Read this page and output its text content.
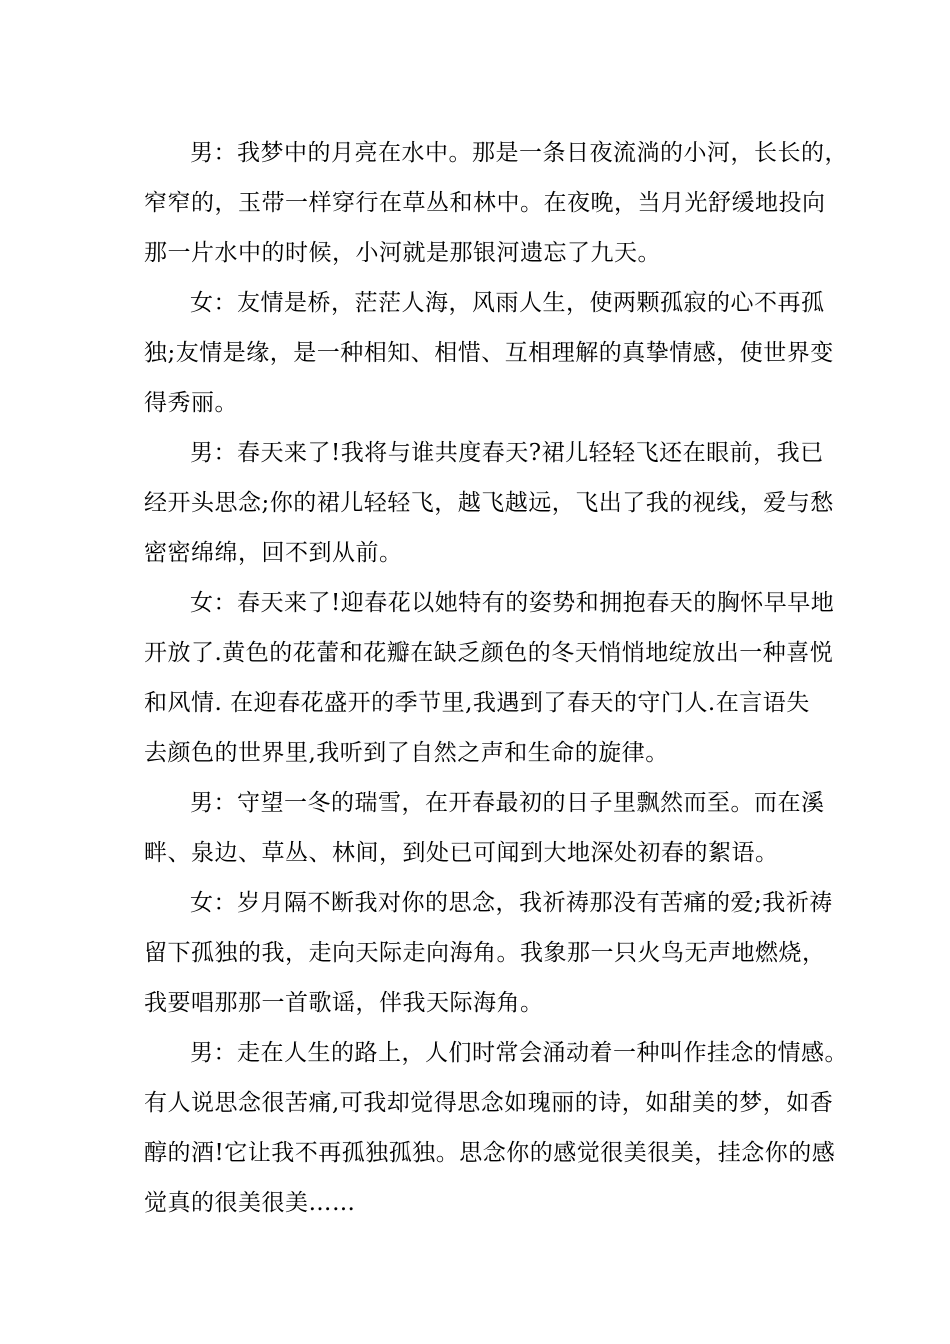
男：我梦中的月亮在水中。那是一条日夜流淌的小河，长长的，
窄窄的，玉带一样穿行在草丛和林中。在夜晚，当月光舒缓地投向
那一片水中的时候，小河就是那银河遗忘了九天。
女：友情是桥，茫茫人海，风雨人生，使两颗孤寂的心不再孤
独;友情是缘，是一种相知、相惜、互相理解的真挚情感，使世界变
得秀丽。
男：春天来了!我将与谁共度春天?裙儿轻轻飞还在眼前，我已
经开头思念;你的裙儿轻轻飞，越飞越远，飞出了我的视线，爱与愁
密密绵绵，回不到从前。
女：春天来了!迎春花以她特有的姿势和拥抱春天的胸怀早早地
开放了.黄色的花蕾和花瓣在缺乏颜色的冬天悄悄地绽放出一种喜悦
和风情. 在迎春花盛开的季节里,我遇到了春天的守门人.在言语失
去颜色的世界里,我听到了自然之声和生命的旋律。
男：守望一冬的瑞雪，在开春最初的日子里飘然而至。而在溪
畔、泉边、草丛、林间，到处已可闻到大地深处初春的絮语。
女：岁月隔不断我对你的思念，我祈祷那没有苦痛的爱;我祈祷
留下孤独的我，走向天际走向海角。我象那一只火鸟无声地燃烧，
我要唱那那一首歌谣，伴我天际海角。
男：走在人生的路上，人们时常会涌动着一种叫作挂念的情感。
有人说思念很苦痛,可我却觉得思念如瑰丽的诗，如甜美的梦，如香
醇的酒!它让我不再孤独孤独。思念你的感觉很美很美，挂念你的感
觉真的很美很美……
